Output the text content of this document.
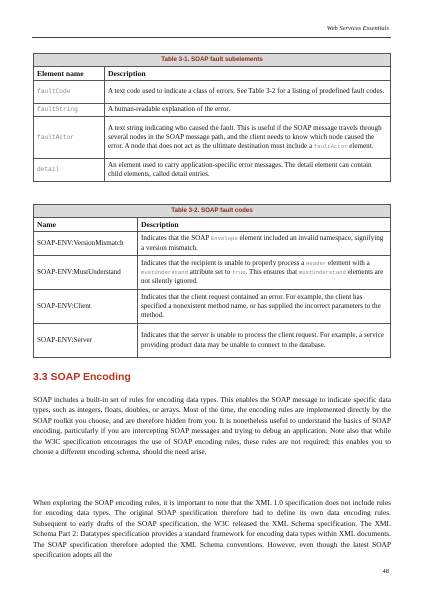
Web Services Essentials
Table 3-1. SOAP fault subelements
Element name	Description
faultCode	A text code used to indicate a class of errors. See Table 3-2 for a listing of predefined fault codes.
faultString	A human-readable explanation of the error.
faultActor	A text string indicating who caused the fault. This is useful if the SOAP message travels through several nodes in the SOAP message path, and the client needs to know which node caused the error. A node that does not act as the ultimate destination must include a faultActor element.
detail	An element used to carry application-specific error messages. The detail element can contain child elements, called detail entries.
Table 3-2. SOAP fault codes
Name	Description
SOAP-ENV:VersionMismatch	Indicates that the SOAP Envelope element included an invalid namespace, signifying a version mismatch.
SOAP-ENV:MustUnderstand	Indicates that the recipient is unable to properly process a Header element with a mustUnderstand attribute set to true. This ensures that mustUnderstand elements are not silently ignored.
SOAP-ENV:Client	Indicates that the client request contained an error. For example, the client has specified a nonexistent method name, or has supplied the incorrect parameters to the method.
SOAP-ENV:Server	Indicates that the server is unable to process the client request. For example, a service providing product data may be unable to connect to the database.
3.3 SOAP Encoding

SOAP includes a built-in set of rules for encoding data types. This enables the SOAP message to indicate specific data types, such as integers, floats, doubles, or arrays. Most of the time, the encoding rules are implemented directly by the SOAP toolkit you choose, and are therefore hidden from you. It is nonetheless useful to understand the basics of SOAP encoding, particularly if you are intercepting SOAP messages and trying to debug an application. Note also that while the W3C specification encourages the use of SOAP encoding rules, these rules are not required; this enables you to choose a different encoding schema, should the need arise.

When exploring the SOAP encoding rules, it is important to note that the XML 1.0 specification does not include rules for encoding data types. The original SOAP specification therefore had to define its own data encoding rules. Subsequent to early drafts of the SOAP specification, the W3C released the XML Schema specification. The XML Schema Part 2: Datatypes specification provides a standard framework for encoding data types within XML documents. The SOAP specification therefore adopted the XML Schema conventions. However, even though the latest SOAP specification adopts all the

48
